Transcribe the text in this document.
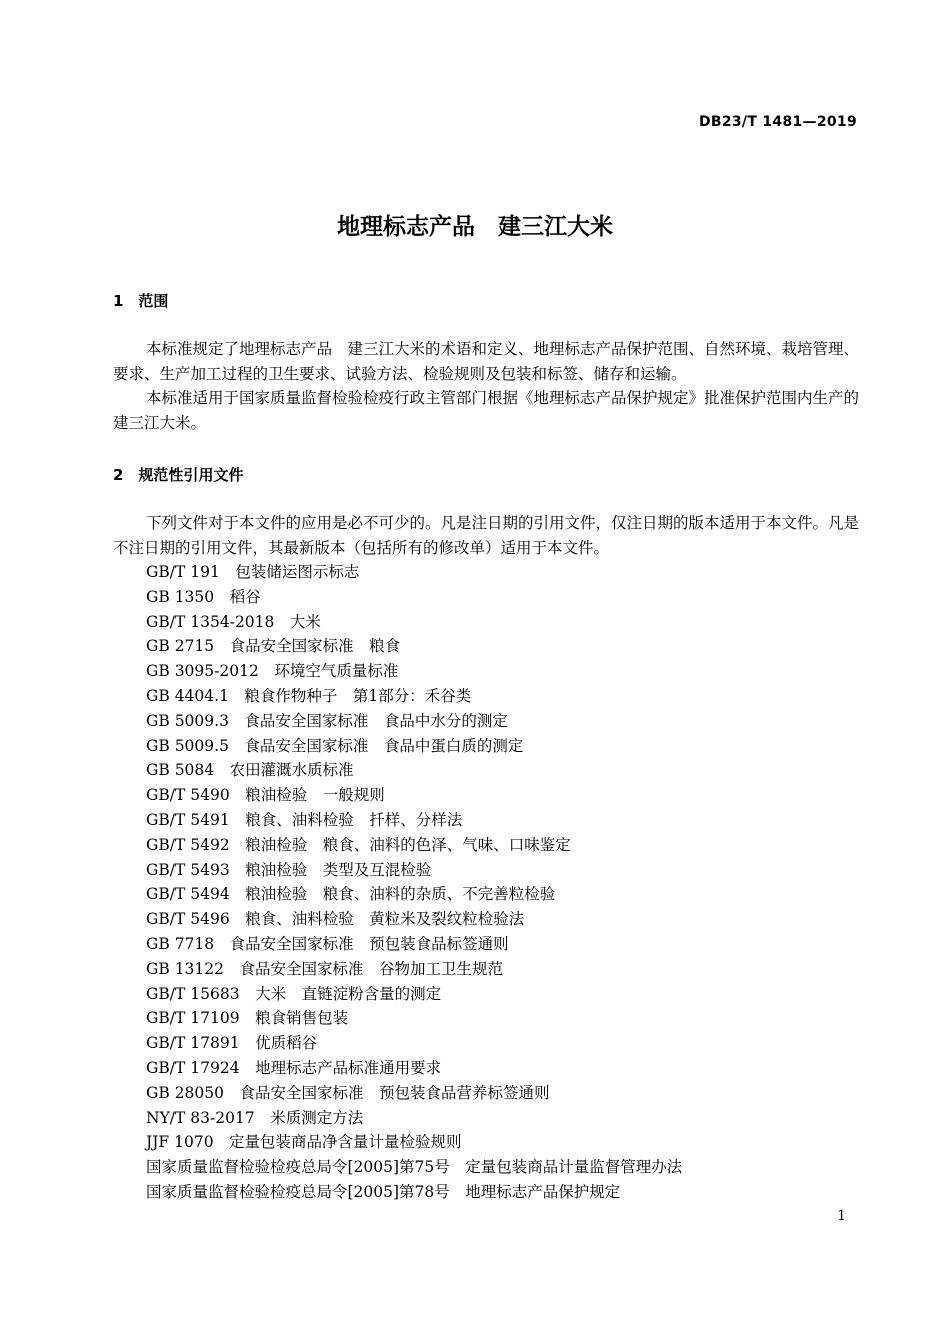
DB23/T 1481—2019
地理标志产品　建三江大米
1　范围
本标准规定了地理标志产品　建三江大米的术语和定义、地理标志产品保护范围、自然环境、栽培管理、要求、生产加工过程的卫生要求、试验方法、检验规则及包装和标签、储存和运输。
本标准适用于国家质量监督检验检疫行政主管部门根据《地理标志产品保护规定》批准保护范围内生产的建三江大米。
2　规范性引用文件
下列文件对于本文件的应用是必不可少的。凡是注日期的引用文件，仅注日期的版本适用于本文件。凡是不注日期的引用文件，其最新版本（包括所有的修改单）适用于本文件。
GB/T 191　包装储运图示标志
GB 1350　稻谷
GB/T 1354-2018　大米
GB 2715　食品安全国家标准　粮食
GB 3095-2012　环境空气质量标准
GB 4404.1　粮食作物种子　第1部分：禾谷类
GB 5009.3　食品安全国家标准　食品中水分的测定
GB 5009.5　食品安全国家标准　食品中蛋白质的测定
GB 5084　农田灌溉水质标准
GB/T 5490　粮油检验　一般规则
GB/T 5491　粮食、油料检验　扦样、分样法
GB/T 5492　粮油检验　粮食、油料的色泽、气味、口味鉴定
GB/T 5493　粮油检验　类型及互混检验
GB/T 5494　粮油检验　粮食、油料的杂质、不完善粒检验
GB/T 5496　粮食、油料检验　黄粒米及裂纹粒检验法
GB 7718　食品安全国家标准　预包装食品标签通则
GB 13122　食品安全国家标准　谷物加工卫生规范
GB/T 15683　大米　直链淀粉含量的测定
GB/T 17109　粮食销售包装
GB/T 17891　优质稻谷
GB/T 17924　地理标志产品标准通用要求
GB 28050　食品安全国家标准　预包装食品营养标签通则
NY/T 83-2017　米质测定方法
JJF 1070　定量包装商品净含量计量检验规则
国家质量监督检验检疫总局令[2005]第75号　定量包装商品计量监督管理办法
国家质量监督检验检疫总局令[2005]第78号　地理标志产品保护规定
1
